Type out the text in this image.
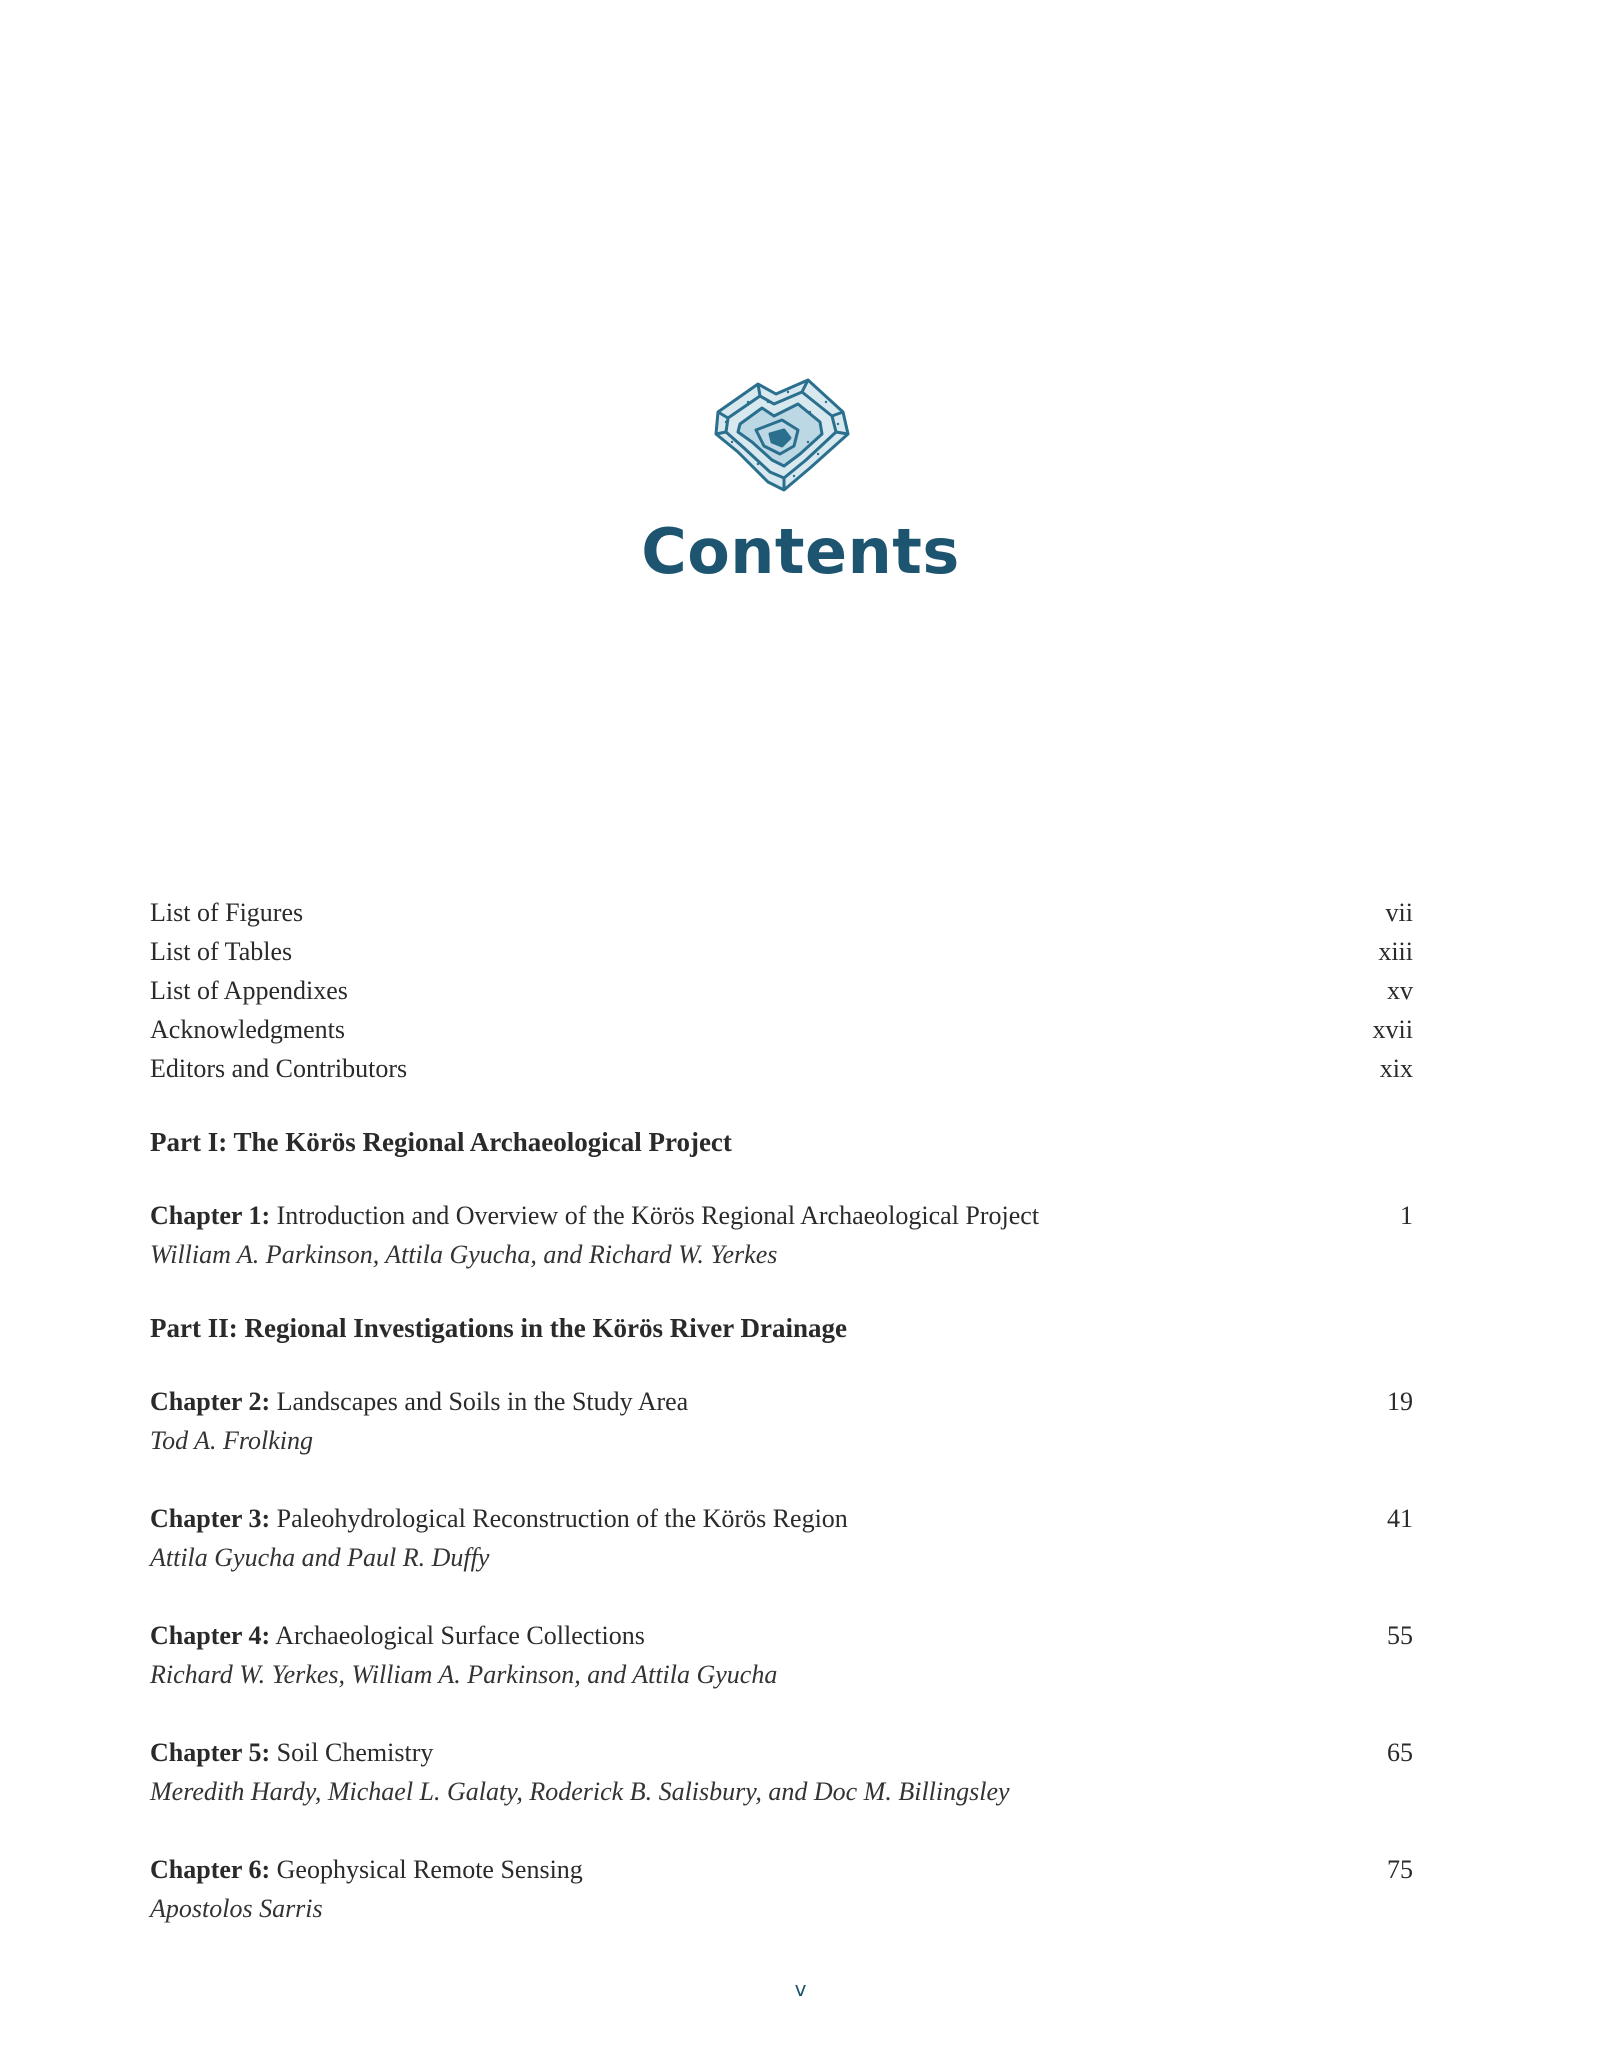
Contents
List of Figures	vii
List of Tables	xiii
List of Appendixes	xv
Acknowledgments	xvii
Editors and Contributors	xix
Part I: The Körös Regional Archaeological Project
Chapter 1: Introduction and Overview of the Körös Regional Archaeological Project	1
William A. Parkinson, Attila Gyucha, and Richard W. Yerkes
Part II: Regional Investigations in the Körös River Drainage
Chapter 2: Landscapes and Soils in the Study Area	19
Tod A. Frolking
Chapter 3: Paleohydrological Reconstruction of the Körös Region	41
Attila Gyucha and Paul R. Duffy
Chapter 4: Archaeological Surface Collections	55
Richard W. Yerkes, William A. Parkinson, and Attila Gyucha
Chapter 5: Soil Chemistry	65
Meredith Hardy, Michael L. Galaty, Roderick B. Salisbury, and Doc M. Billingsley
Chapter 6: Geophysical Remote Sensing	75
Apostolos Sarris
v
